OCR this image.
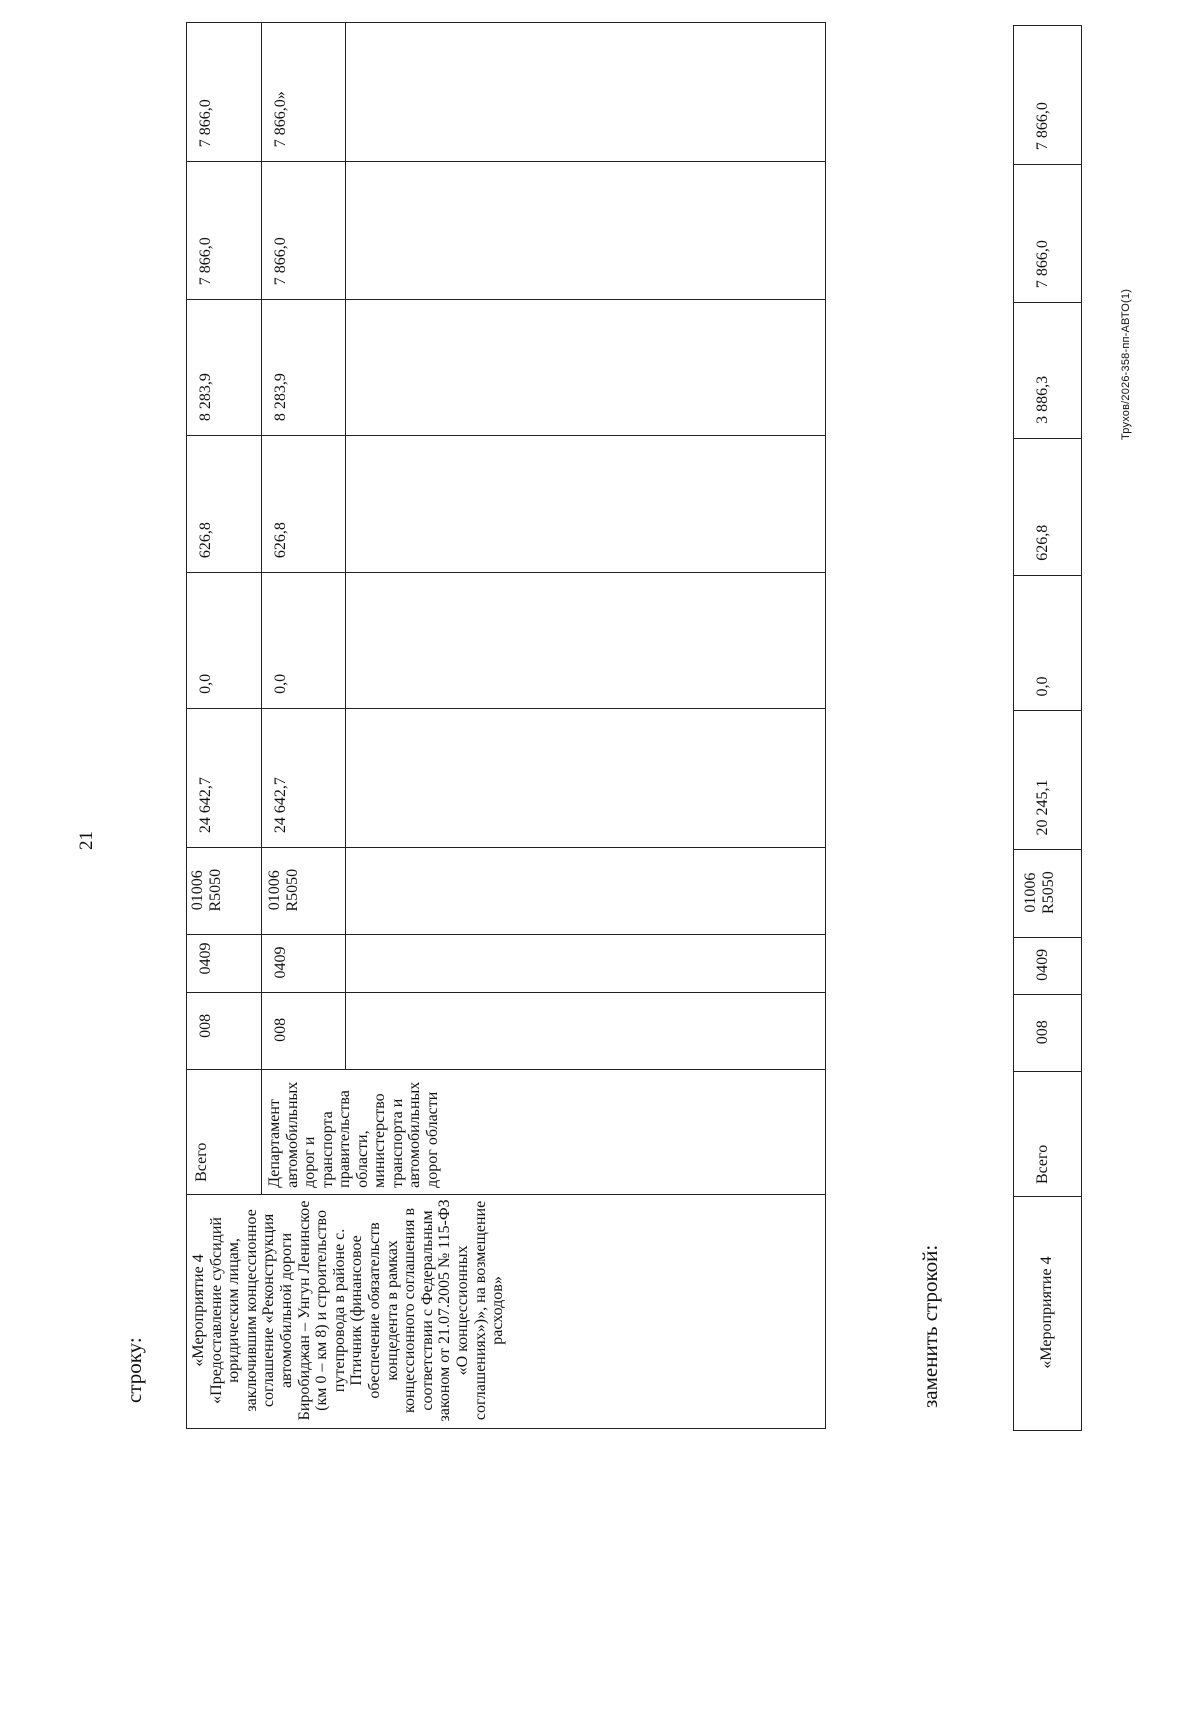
21
строку:
«Мероприятие 4 «Предоставление субсидий юридическим лицам, заключившим концессионное соглашение «Реконструкция автомобильной дороги Биробиджан – Унгун Ленинское (км 0 – км 8) и строительство путепровода в районе с. Птичник (финансовое обеспечение обязательств концедента в рамках концессионного соглашения в соответствии с Федеральным законом от 21.07.2005 № 115-ФЗ «О концессионных соглашениях»)», на возмещение расходов»	Всего	008	0409	01006 R5050	24 642,7	0,0	626,8	8 283,9	7 866,0	7 866,0
	Департамент автомобильных дорог и транспорта правительства области, министерство транспорта и автомобильных дорог области	008	0409	01006 R5050	24 642,7	0,0	626,8	8 283,9	7 866,0	7 866,0»

заменить строкой:	«Мероприятие 4	Всего	008	0409	01006 R5050	20 245,1	0,0	626,8	3 886,3	7 866,0	7 866,0
Трухов/2026-358-пп-АВТО(1)
